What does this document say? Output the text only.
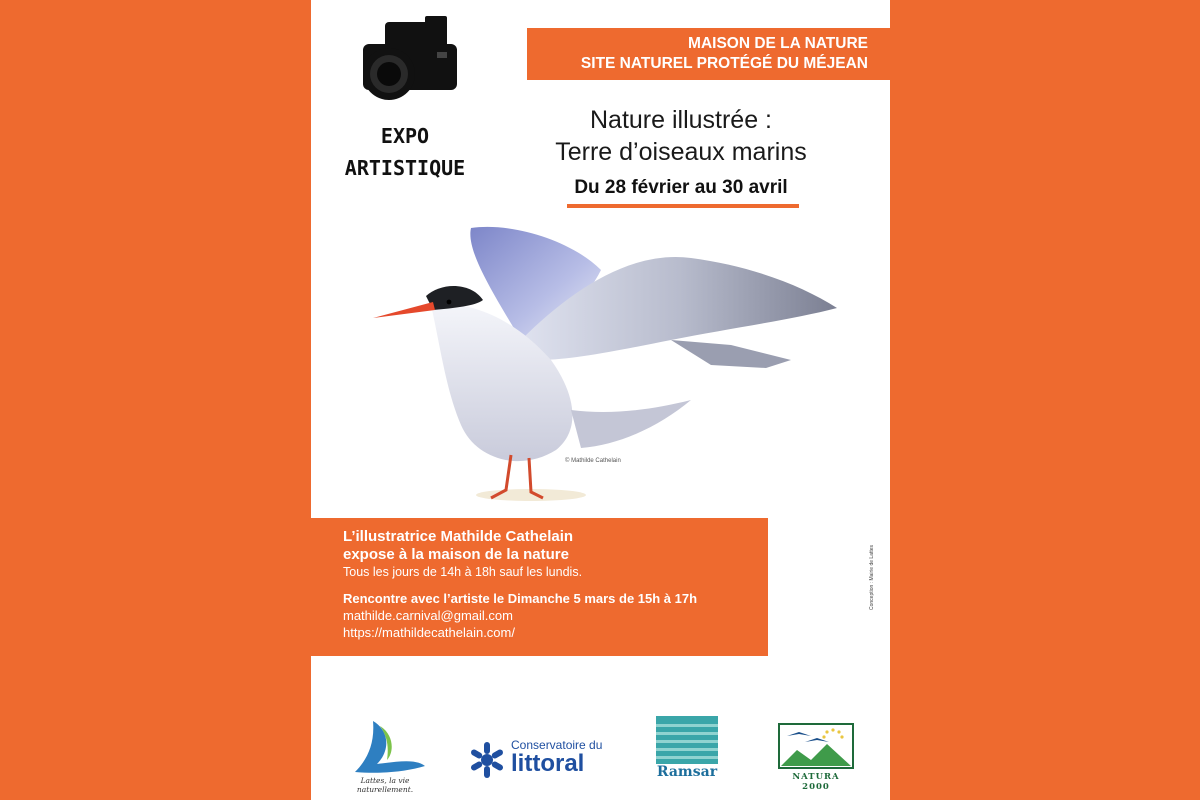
EXPO
ARTISTIQUE
MAISON DE LA NATURE
SITE NATUREL PROTÉGÉ DU MÉJEAN
Nature illustrée :
Terre d’oiseaux marins
Du 28 février au 30 avril
© Mathilde Cathelain
L’illustratrice Mathilde Cathelain
expose à la maison de la nature
Tous les jours de 14h à 18h sauf les lundis.
Rencontre avec l’artiste le Dimanche 5 mars de 15h à 17h
mathilde.carnival@gmail.com
https://mathildecathelain.com/
Conception : Mairie de Lattes
Lattes, la vie naturellement.
Conservatoire du
littoral	Ramsar	NATURA 2000
